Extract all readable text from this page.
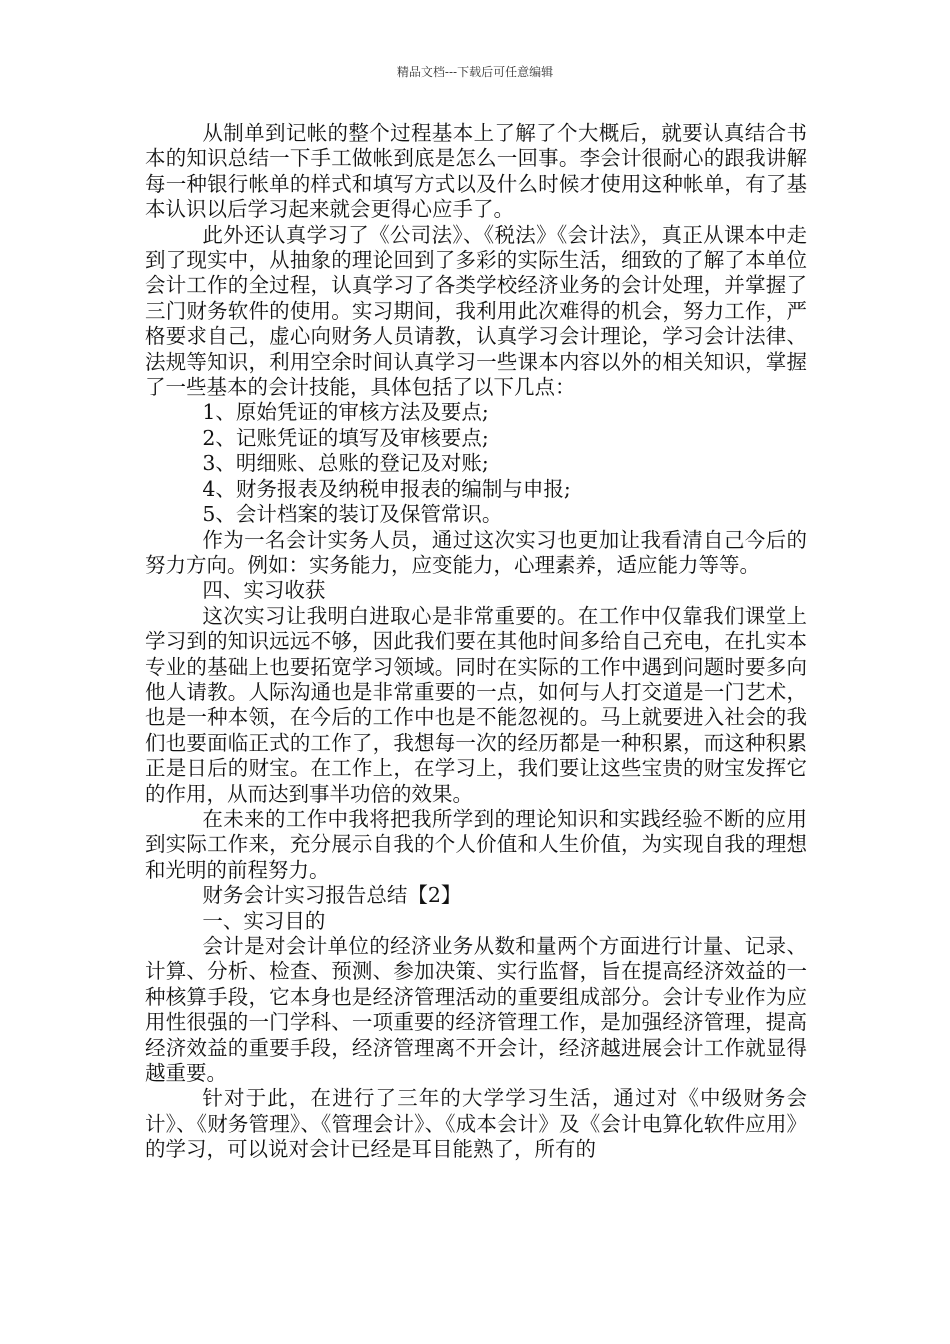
精品文档---下载后可任意编辑

从制单到记帐的整个过程基本上了解了个大概后，就要认真结合书本的知识总结一下手工做帐到底是怎么一回事。李会计很耐心的跟我讲解每一种银行帐单的样式和填写方式以及什么时候才使用这种帐单，有了基本认识以后学习起来就会更得心应手了。

此外还认真学习了《公司法》、《税法》《会计法》，真正从课本中走到了现实中，从抽象的理论回到了多彩的实际生活，细致的了解了本单位会计工作的全过程，认真学习了各类学校经济业务的会计处理，并掌握了三门财务软件的使用。实习期间，我利用此次难得的机会，努力工作，严格要求自己，虚心向财务人员请教，认真学习会计理论，学习会计法律、法规等知识，利用空余时间认真学习一些课本内容以外的相关知识，掌握了一些基本的会计技能，具体包括了以下几点：

1、原始凭证的审核方法及要点;

2、记账凭证的填写及审核要点;

3、明细账、总账的登记及对账;

4、财务报表及纳税申报表的编制与申报;

5、会计档案的装订及保管常识。

作为一名会计实务人员，通过这次实习也更加让我看清自己今后的努力方向。例如：实务能力，应变能力，心理素养，适应能力等等。

四、实习收获

这次实习让我明白进取心是非常重要的。在工作中仅靠我们课堂上学习到的知识远远不够，因此我们要在其他时间多给自己充电，在扎实本专业的基础上也要拓宽学习领域。同时在实际的工作中遇到问题时要多向他人请教。人际沟通也是非常重要的一点，如何与人打交道是一门艺术，也是一种本领，在今后的工作中也是不能忽视的。马上就要进入社会的我们也要面临正式的工作了，我想每一次的经历都是一种积累，而这种积累正是日后的财宝。在工作上，在学习上，我们要让这些宝贵的财宝发挥它的作用，从而达到事半功倍的效果。

在未来的工作中我将把我所学到的理论知识和实践经验不断的应用到实际工作来，充分展示自我的个人价值和人生价值，为实现自我的理想和光明的前程努力。

财务会计实习报告总结【2】

一、实习目的

会计是对会计单位的经济业务从数和量两个方面进行计量、记录、计算、分析、检查、预测、参加决策、实行监督，旨在提高经济效益的一种核算手段，它本身也是经济管理活动的重要组成部分。会计专业作为应用性很强的一门学科、一项重要的经济管理工作，是加强经济管理，提高经济效益的重要手段，经济管理离不开会计，经济越进展会计工作就显得越重要。

针对于此，在进行了三年的大学学习生活，通过对《中级财务会计》、《财务管理》、《管理会计》、《成本会计》及《会计电算化软件应用》的学习，可以说对会计已经是耳目能熟了，所有的
